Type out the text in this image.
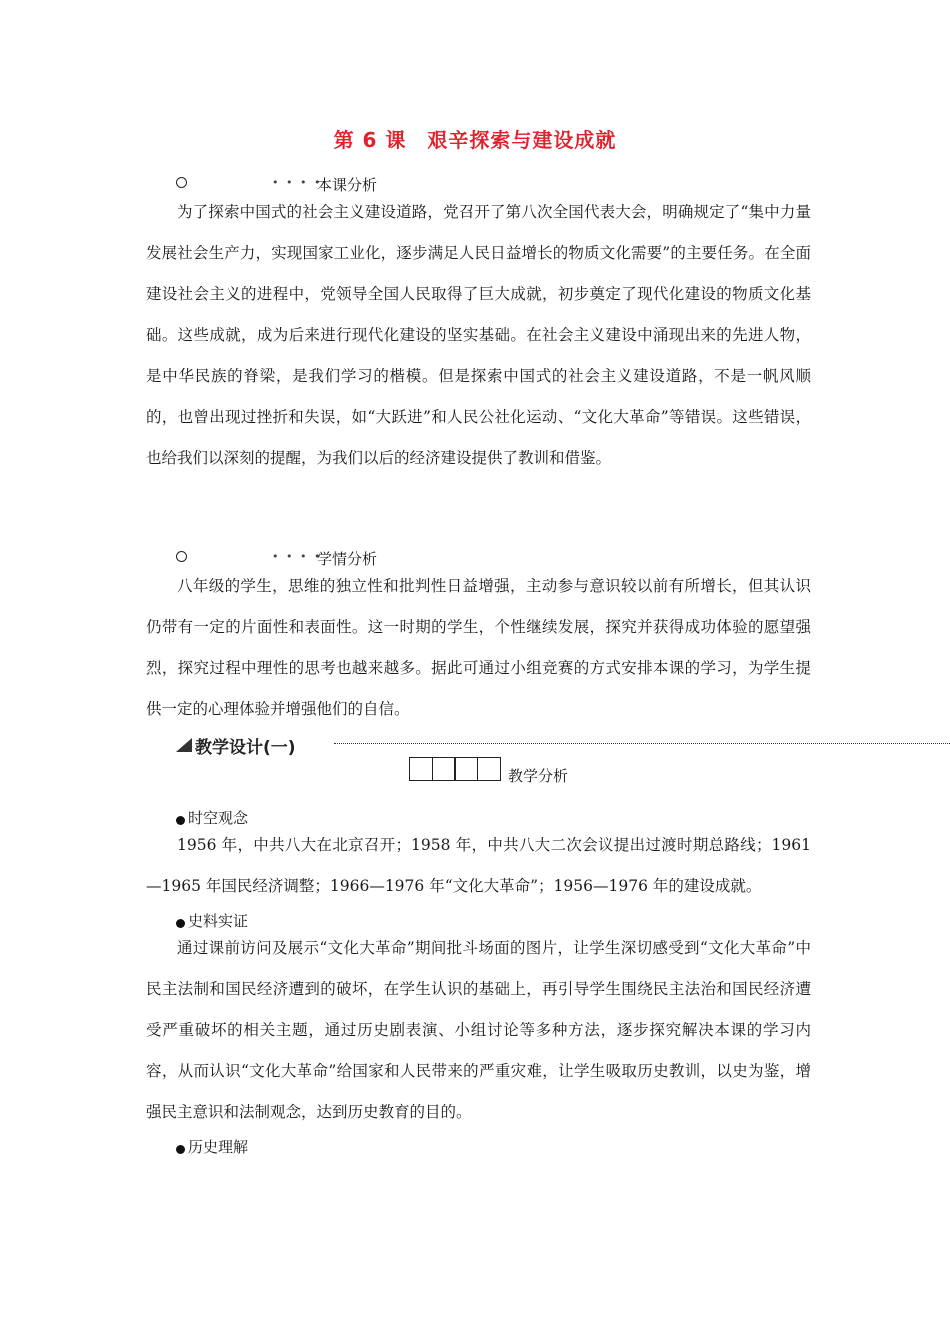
第 6 课　艰辛探索与建设成就
• • • •
本课分析

为了探索中国式的社会主义建设道路，党召开了第八次全国代表大会，明确规定了“集中力量发展社会生产力，实现国家工业化，逐步满足人民日益增长的物质文化需要”的主要任务。在全面建设社会主义的进程中，党领导全国人民取得了巨大成就，初步奠定了现代化建设的物质文化基础。这些成就，成为后来进行现代化建设的坚实基础。在社会主义建设中涌现出来的先进人物，是中华民族的脊梁，是我们学习的楷模。但是探索中国式的社会主义建设道路，不是一帆风顺的，也曾出现过挫折和失误，如“大跃进”和人民公社化运动、“文化大革命”等错误。这些错误，也给我们以深刻的提醒，为我们以后的经济建设提供了教训和借鉴。

• • • •
学情分析

八年级的学生，思维的独立性和批判性日益增强，主动参与意识较以前有所增长，但其认识仍带有一定的片面性和表面性。这一时期的学生，个性继续发展，探究并获得成功体验的愿望强烈，探究过程中理性的思考也越来越多。据此可通过小组竞赛的方式安排本课的学习，为学生提供一定的心理体验并增强他们的自信。

教学设计(一)
教学分析
时空观念

1956 年，中共八大在北京召开；1958 年，中共八大二次会议提出过渡时期总路线；1961—1965 年国民经济调整；1966—1976 年“文化大革命”；1956—1976 年的建设成就。

史料实证

通过课前访问及展示“文化大革命”期间批斗场面的图片，让学生深切感受到“文化大革命”中民主法制和国民经济遭到的破坏，在学生认识的基础上，再引导学生围绕民主法治和国民经济遭受严重破坏的相关主题，通过历史剧表演、小组讨论等多种方法，逐步探究解决本课的学习内容，从而认识“文化大革命”给国家和人民带来的严重灾难，让学生吸取历史教训，以史为鉴，增强民主意识和法制观念，达到历史教育的目的。

历史理解
